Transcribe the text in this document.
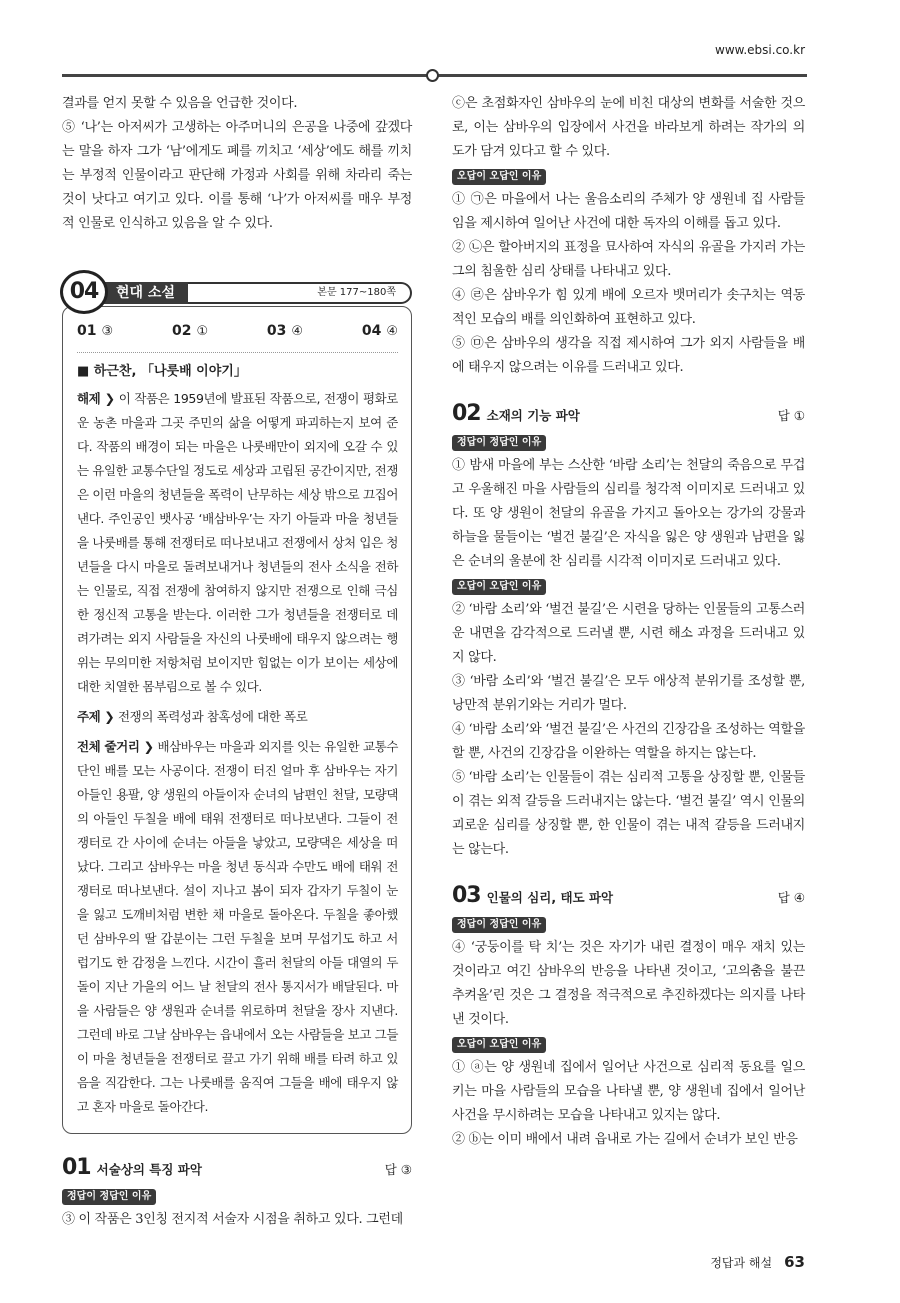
www.ebsi.co.kr

결과를 얻지 못할 수 있음을 언급한 것이다.

⑤ ‘나’는 아저씨가 고생하는 아주머니의 은공을 나중에 갚겠다는 말을 하자 그가 ‘남’에게도 폐를 끼치고 ‘세상’에도 해를 끼치는 부정적 인물이라고 판단해 가정과 사회를 위해 차라리 죽는 것이 낫다고 여기고 있다. 이를 통해 ‘나’가 아저씨를 매우 부정적 인물로 인식하고 있음을 알 수 있다.

본문 177~180쪽
현대 소설
04
01 ③	02 ①	03 ④	04 ④
■ 하근찬, 「나룻배 이야기」

해제 ❯ 이 작품은 1959년에 발표된 작품으로, 전쟁이 평화로운 농촌 마을과 그곳 주민의 삶을 어떻게 파괴하는지 보여 준다. 작품의 배경이 되는 마을은 나룻배만이 외지에 오갈 수 있는 유일한 교통수단일 정도로 세상과 고립된 공간이지만, 전쟁은 이런 마을의 청년들을 폭력이 난무하는 세상 밖으로 끄집어낸다. 주인공인 뱃사공 ‘배삼바우’는 자기 아들과 마을 청년들을 나룻배를 통해 전쟁터로 떠나보내고 전쟁에서 상처 입은 청년들을 다시 마을로 돌려보내거나 청년들의 전사 소식을 전하는 인물로, 직접 전쟁에 참여하지 않지만 전쟁으로 인해 극심한 정신적 고통을 받는다. 이러한 그가 청년들을 전쟁터로 데려가려는 외지 사람들을 자신의 나룻배에 태우지 않으려는 행위는 무의미한 저항처럼 보이지만 힘없는 이가 보이는 세상에 대한 치열한 몸부림으로 볼 수 있다.

주제 ❯ 전쟁의 폭력성과 참혹성에 대한 폭로

전체 줄거리 ❯ 배삼바우는 마을과 외지를 잇는 유일한 교통수단인 배를 모는 사공이다. 전쟁이 터진 얼마 후 삼바우는 자기 아들인 용팔, 양 생원의 아들이자 순녀의 남편인 천달, 모량댁의 아들인 두칠을 배에 태워 전쟁터로 떠나보낸다. 그들이 전쟁터로 간 사이에 순녀는 아들을 낳았고, 모량댁은 세상을 떠났다. 그리고 삼바우는 마을 청년 동식과 수만도 배에 태워 전쟁터로 떠나보낸다. 설이 지나고 봄이 되자 갑자기 두칠이 눈을 잃고 도깨비처럼 변한 채 마을로 돌아온다. 두칠을 좋아했던 삼바우의 딸 갑분이는 그런 두칠을 보며 무섭기도 하고 서럽기도 한 감정을 느낀다. 시간이 흘러 천달의 아들 대열의 두 돌이 지난 가을의 어느 날 천달의 전사 통지서가 배달된다. 마을 사람들은 양 생원과 순녀를 위로하며 천달을 장사 지낸다. 그런데 바로 그날 삼바우는 읍내에서 오는 사람들을 보고 그들이 마을 청년들을 전쟁터로 끌고 가기 위해 배를 타려 하고 있음을 직감한다. 그는 나룻배를 움직여 그들을 배에 태우지 않고 혼자 마을로 돌아간다.

01 서술상의 특징 파악	답 ③
정답이 정답인 이유

③ 이 작품은 3인칭 전지적 서술자 시점을 취하고 있다. 그런데

ⓒ은 초점화자인 삼바우의 눈에 비친 대상의 변화를 서술한 것으로, 이는 삼바우의 입장에서 사건을 바라보게 하려는 작가의 의도가 담겨 있다고 할 수 있다.

오답이 오답인 이유

① ㉠은 마을에서 나는 울음소리의 주체가 양 생원네 집 사람들임을 제시하여 일어난 사건에 대한 독자의 이해를 돕고 있다.

② ㉡은 할아버지의 표정을 묘사하여 자식의 유골을 가지러 가는 그의 침울한 심리 상태를 나타내고 있다.

④ ㉣은 삼바우가 힘 있게 배에 오르자 뱃머리가 솟구치는 역동적인 모습의 배를 의인화하여 표현하고 있다.

⑤ ㉤은 삼바우의 생각을 직접 제시하여 그가 외지 사람들을 배에 태우지 않으려는 이유를 드러내고 있다.

02 소재의 기능 파악	답 ①
정답이 정답인 이유

① 밤새 마을에 부는 스산한 ‘바람 소리’는 천달의 죽음으로 무겁고 우울해진 마을 사람들의 심리를 청각적 이미지로 드러내고 있다. 또 양 생원이 천달의 유골을 가지고 돌아오는 강가의 강물과 하늘을 물들이는 ‘벌건 불길’은 자식을 잃은 양 생원과 남편을 잃은 순녀의 울분에 찬 심리를 시각적 이미지로 드러내고 있다.

오답이 오답인 이유

② ‘바람 소리’와 ‘벌건 불길’은 시련을 당하는 인물들의 고통스러운 내면을 감각적으로 드러낼 뿐, 시련 해소 과정을 드러내고 있지 않다.

③ ‘바람 소리’와 ‘벌건 불길’은 모두 애상적 분위기를 조성할 뿐, 낭만적 분위기와는 거리가 멀다.

④ ‘바람 소리’와 ‘벌건 불길’은 사건의 긴장감을 조성하는 역할을 할 뿐, 사건의 긴장감을 이완하는 역할을 하지는 않는다.

⑤ ‘바람 소리’는 인물들이 겪는 심리적 고통을 상징할 뿐, 인물들이 겪는 외적 갈등을 드러내지는 않는다. ‘벌건 불길’ 역시 인물의 괴로운 심리를 상징할 뿐, 한 인물이 겪는 내적 갈등을 드러내지는 않는다.

03 인물의 심리, 태도 파악	답 ④
정답이 정답인 이유

④ ‘궁둥이를 탁 치’는 것은 자기가 내린 결정이 매우 재치 있는 것이라고 여긴 삼바우의 반응을 나타낸 것이고, ‘고의춤을 불끈 추켜올’린 것은 그 결정을 적극적으로 추진하겠다는 의지를 나타낸 것이다.

오답이 오답인 이유

① ⓐ는 양 생원네 집에서 일어난 사건으로 심리적 동요를 일으키는 마을 사람들의 모습을 나타낼 뿐, 양 생원네 집에서 일어난 사건을 무시하려는 모습을 나타내고 있지는 않다.

② ⓑ는 이미 배에서 내려 읍내로 가는 길에서 순녀가 보인 반응

정답과 해설 63
